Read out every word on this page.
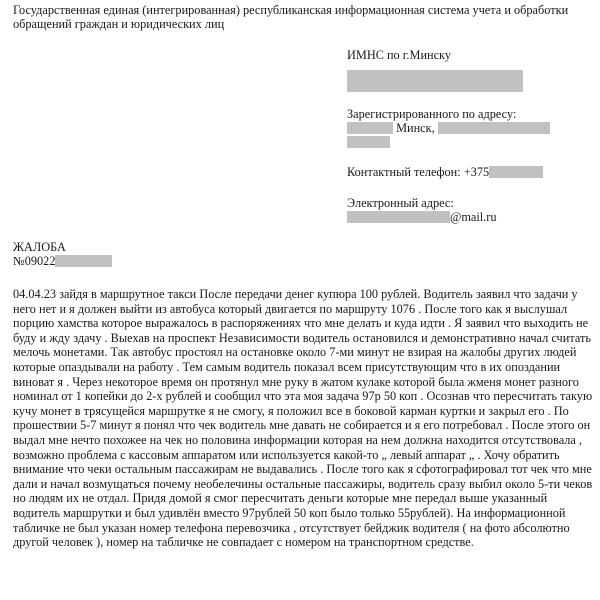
Государственная единая (интегрированная) республиканская информационная система учета и обработки обращений граждан и юридических лиц

ИМНС по г.Минску
Зарегистрированного по адресу:
Минск,
Контактный телефон: +375
Электронный адрес:
@mail.ru
ЖАЛОБА
№09022

04.04.23 зайдя в маршрутное такси После передачи денег купюра 100 рублей. Водитель заявил что задачи у него нет и я должен выйти из автобуса который двигается по маршруту 1076 . После того как я выслушал порцию хамства которое выражалось в распоряжениях что мне делать и куда идти . Я заявил что выходить не буду и жду здачу . Выехав на проспект Независимости водитель остановился и демонстративно начал считать мелочь монетами. Так автобус простоял на остановке около 7-ми минут не взирая на жалобы других людей которые опаздывали на работу . Тем самым водитель показал всем присутствующим что в их опоздании виноват я . Через некоторое время он протянул мне руку в жатом кулаке которой была жменя монет разного номинал от 1 копейки до 2-х рублей и сообщил что эта моя задача 97р 50 коп . Осознав что пересчитать такую кучу монет в трясущейся маршрутке я не смогу, я положил все в боковой карман куртки и закрыл его . По прошествии 5-7 минут я понял что чек водитель мне давать не собирается и я его потребовал . После этого он выдал мне нечто похожее на чек но половина информации которая на нем должна находится отсутствовала , возможно проблема с кассовым аппаратом или используется какой-то „ левый аппарат „ . Хочу обратить внимание что чеки остальным пассажирам не выдавались . После того как я сфотографировал тот чек что мне дали и начал возмущаться почему необелечины остальные пассажиры, водитель сразу выбил около 5-ти чеков но людям их не отдал. Придя домой я смог пересчитать деньги которые мне передал выше указанный водитель маршрутки и был удивлён вместо 97рублей 50 коп было только 55рублей). На информационной табличке не был указан номер телефона перевозчика , отсутствует бейджик водителя ( на фото абсолютно другой человек ), номер на табличке не совпадает с номером на транспортном средстве.
